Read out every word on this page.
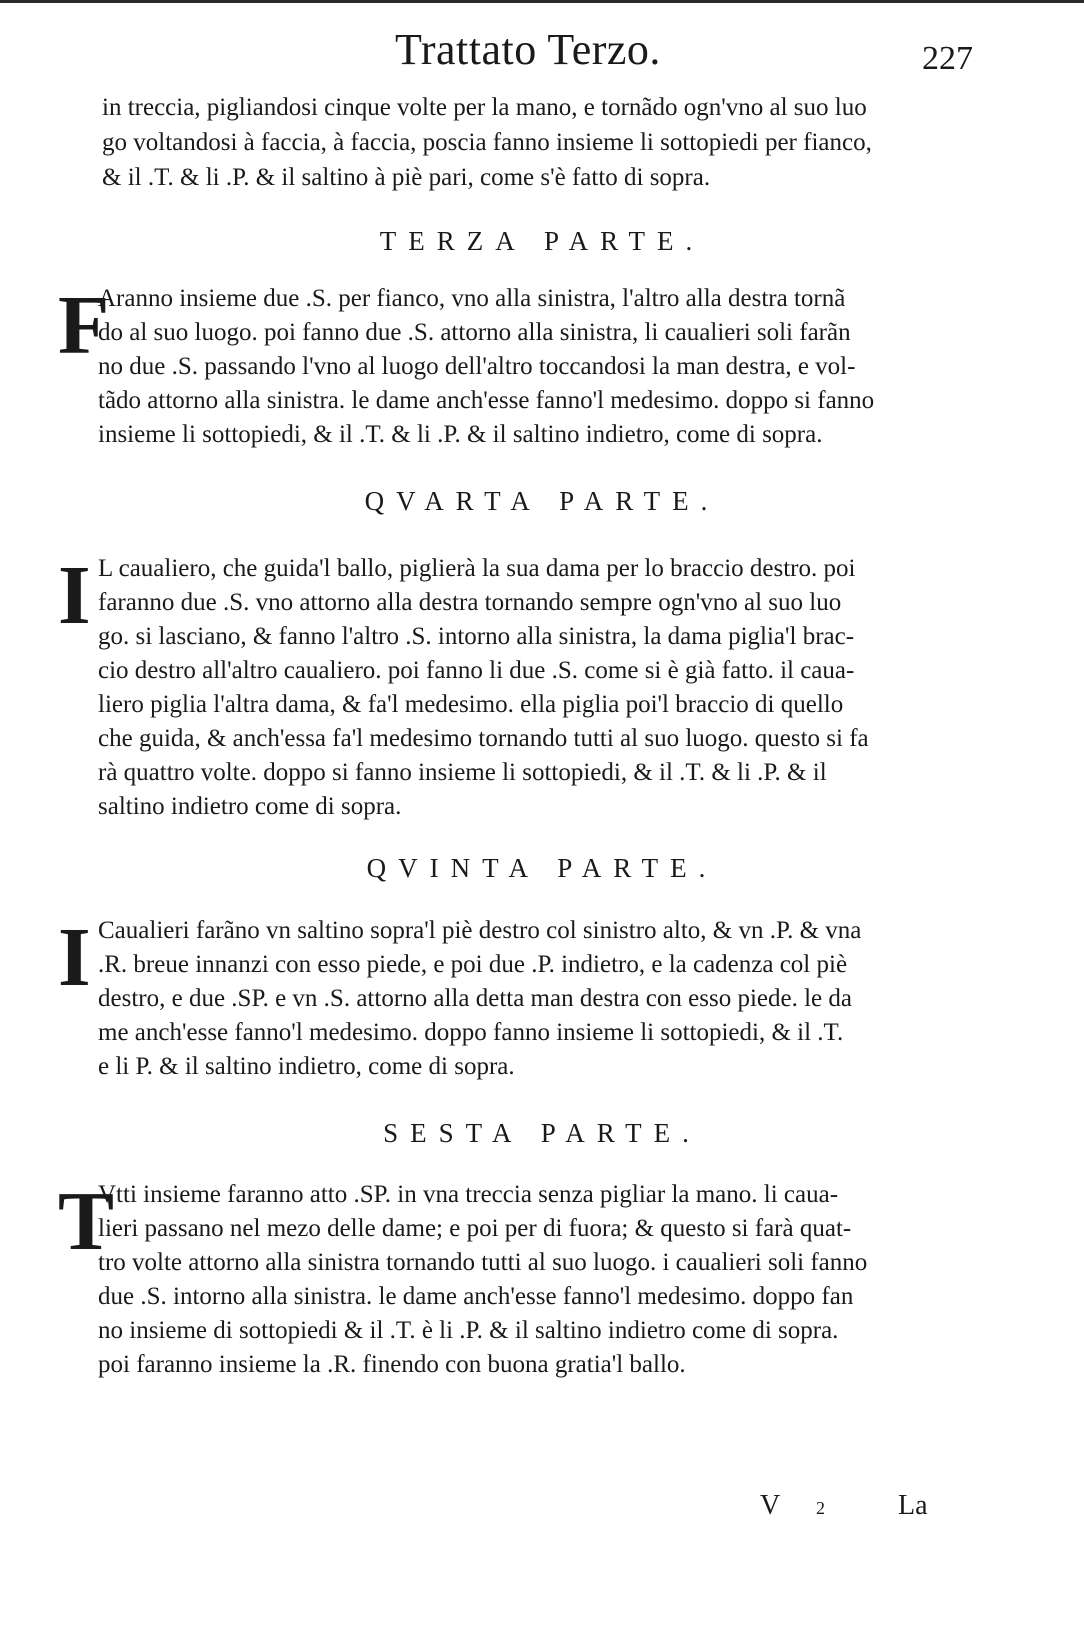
Trattato Terzo.	227
in treccia, pigliandosi cinque volte per la mano, e tornãdo ogn'vno al suo luo
go voltandosi à faccia, à faccia, poscia fanno insieme li sottopiedi per fianco,
& il .T. & li .P. & il saltino à piè pari, come s'è fatto di sopra.
TERZA PARTE.
F
Aranno insieme due .S. per fianco, vno alla sinistra, l'altro alla destra tornã
do al suo luogo. poi fanno due .S. attorno alla sinistra, li caualieri soli farãn
no due .S. passando l'vno al luogo dell'altro toccandosi la man destra, e vol-
tãdo attorno alla sinistra. le dame anch'esse fanno'l medesimo. doppo si fanno
insieme li sottopiedi, & il .T. & li .P. & il saltino indietro, come di sopra.
QVARTA PARTE.
I L caualiero, che guida'l ballo, piglierà la sua dama per lo braccio destro. poi
faranno due .S. vno attorno alla destra tornando sempre ogn'vno al suo luo
go. si lasciano, & fanno l'altro .S. intorno alla sinistra, la dama piglia'l brac-
cio destro all'altro caualiero. poi fanno li due .S. come si è già fatto. il caua-
liero piglia l'altra dama, & fa'l medesimo. ella piglia poi'l braccio di quello
che guida, & anch'essa fa'l medesimo tornando tutti al suo luogo. questo si fa
rà quattro volte. doppo si fanno insieme li sottopiedi, & il .T. & li .P. & il
saltino indietro come di sopra.
QVINTA PARTE.
I Caualieri farãno vn saltino sopra'l piè destro col sinistro alto, & vn .P. & vna
.R. breue innanzi con esso piede, e poi due .P. indietro, e la cadenza col piè
destro, e due .SP. e vn .S. attorno alla detta man destra con esso piede. le da
me anch'esse fanno'l medesimo. doppo fanno insieme li sottopiedi, & il .T.
e li P. & il saltino indietro, come di sopra.
SESTA PARTE.
T
Vtti insieme faranno atto .SP. in vna treccia senza pigliar la mano. li caua-
lieri passano nel mezo delle dame; e poi per di fuora; & questo si farà quat-
tro volte attorno alla sinistra tornando tutti al suo luogo. i caualieri soli fanno
due .S. intorno alla sinistra. le dame anch'esse fanno'l medesimo. doppo fan
no insieme di sottopiedi & il .T. è li .P. & il saltino indietro come di sopra.
poi faranno insieme la .R. finendo con buona gratia'l ballo.
V 2	La
